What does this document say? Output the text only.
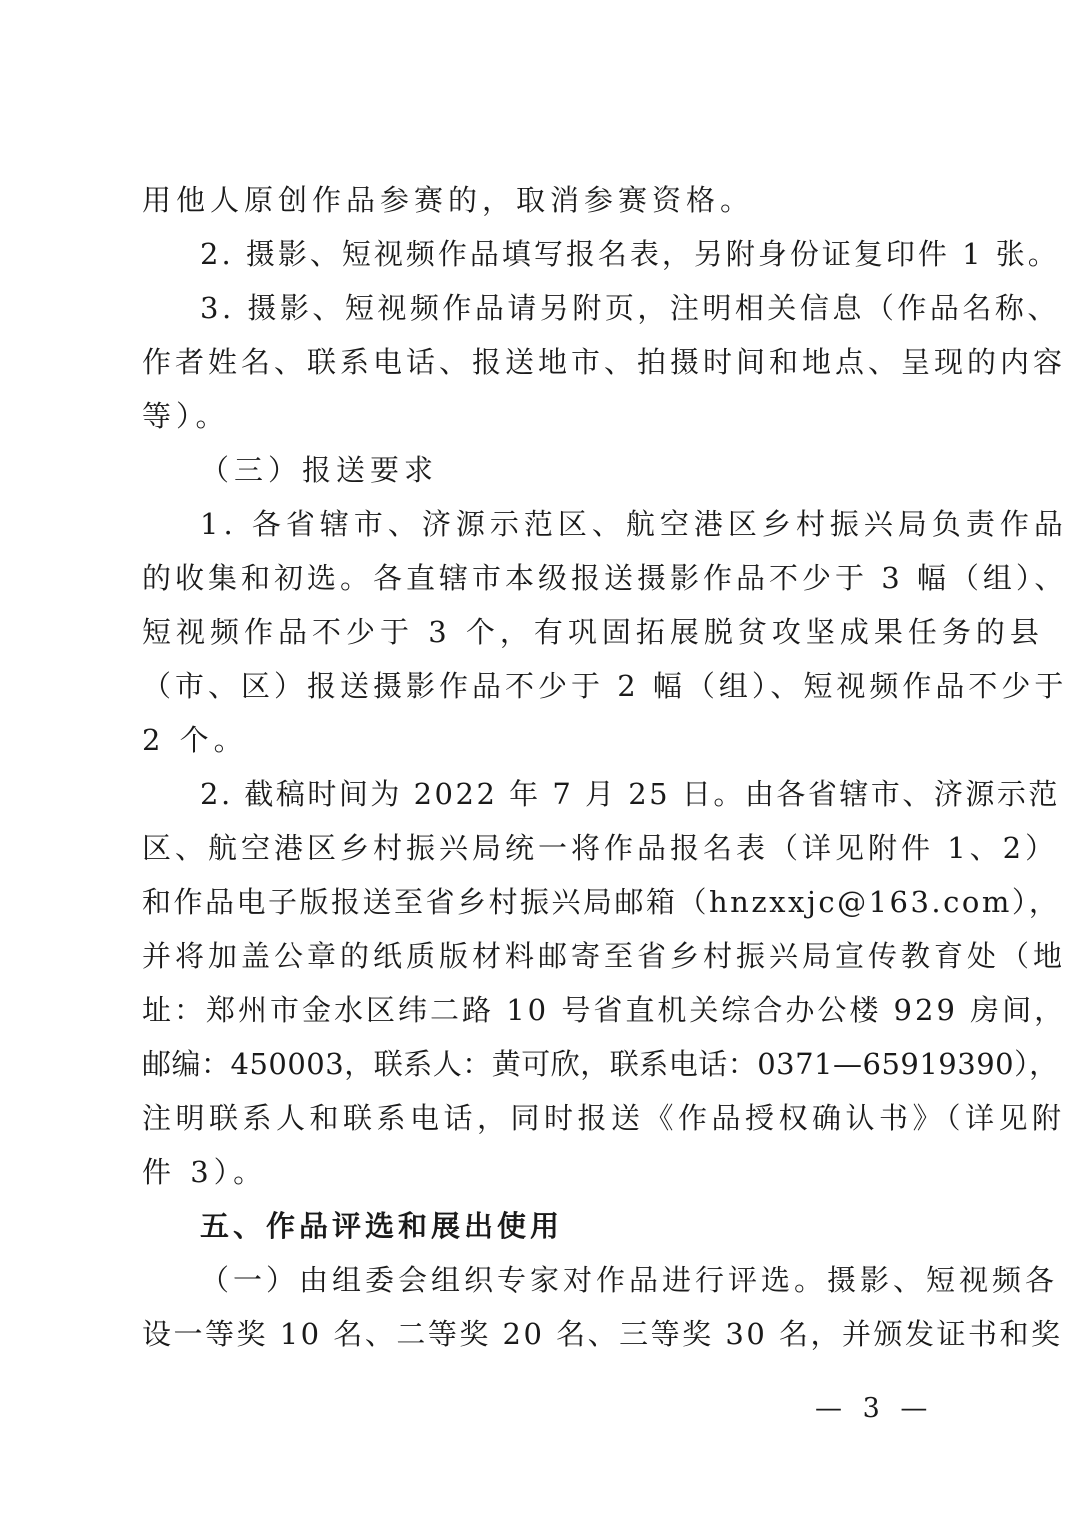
用他人原创作品参赛的，取消参赛资格。
2. 摄影、短视频作品填写报名表，另附身份证复印件 1 张。
3. 摄影、短视频作品请另附页，注明相关信息（作品名称、
作者姓名、联系电话、报送地市、拍摄时间和地点、呈现的内容
等）。
（三）报送要求
1. 各省辖市、济源示范区、航空港区乡村振兴局负责作品
的收集和初选。各直辖市本级报送摄影作品不少于 3 幅（组）、
短视频作品不少于 3 个，有巩固拓展脱贫攻坚成果任务的县
（市、区）报送摄影作品不少于 2 幅（组）、短视频作品不少于
2 个。
2. 截稿时间为 2022 年 7 月 25 日。由各省辖市、济源示范
区、航空港区乡村振兴局统一将作品报名表（详见附件 1、2）
和作品电子版报送至省乡村振兴局邮箱（hnzxxjc@163.com），
并将加盖公章的纸质版材料邮寄至省乡村振兴局宣传教育处（地
址：郑州市金水区纬二路 10 号省直机关综合办公楼 929 房间，
邮编：450003，联系人：黄可欣，联系电话：0371—65919390），
注明联系人和联系电话，同时报送《作品授权确认书》（详见附
件 3）。
五、作品评选和展出使用
（一）由组委会组织专家对作品进行评选。摄影、短视频各
设一等奖 10 名、二等奖 20 名、三等奖 30 名，并颁发证书和奖
— 3 —
